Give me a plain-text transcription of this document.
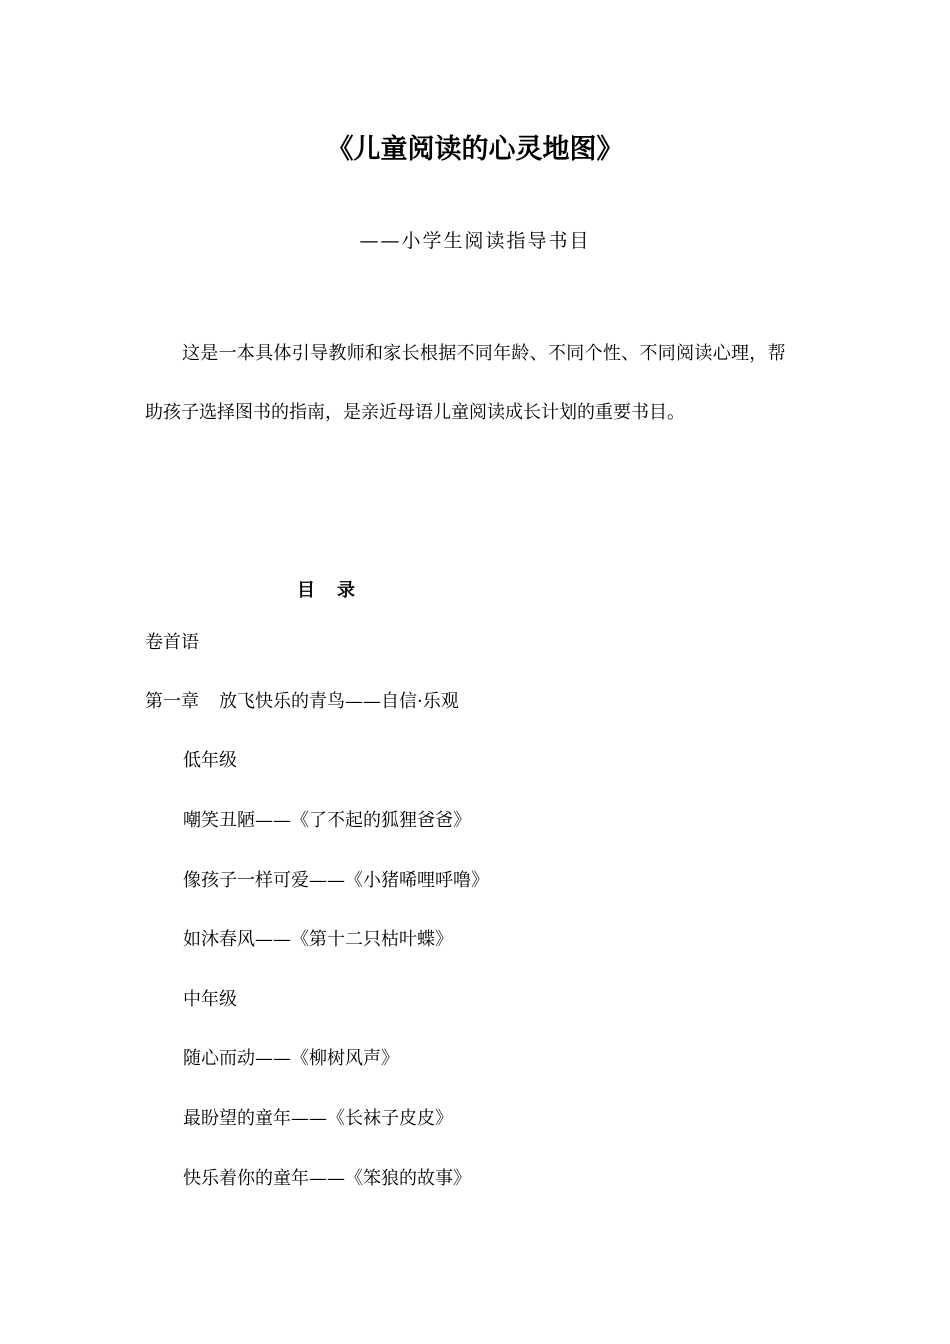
《儿童阅读的心灵地图》
——小学生阅读指导书目
这是一本具体引导教师和家长根据不同年龄、不同个性、不同阅读心理，帮
助孩子选择图书的指南，是亲近母语儿童阅读成长计划的重要书目。
目 录
卷首语
第一章 放飞快乐的青鸟——自信·乐观
低年级
嘲笑丑陋——《了不起的狐狸爸爸》
像孩子一样可爱——《小猪唏哩呼噜》
如沐春风——《第十二只枯叶蝶》
中年级
随心而动——《柳树风声》
最盼望的童年——《长袜子皮皮》
快乐着你的童年——《笨狼的故事》
